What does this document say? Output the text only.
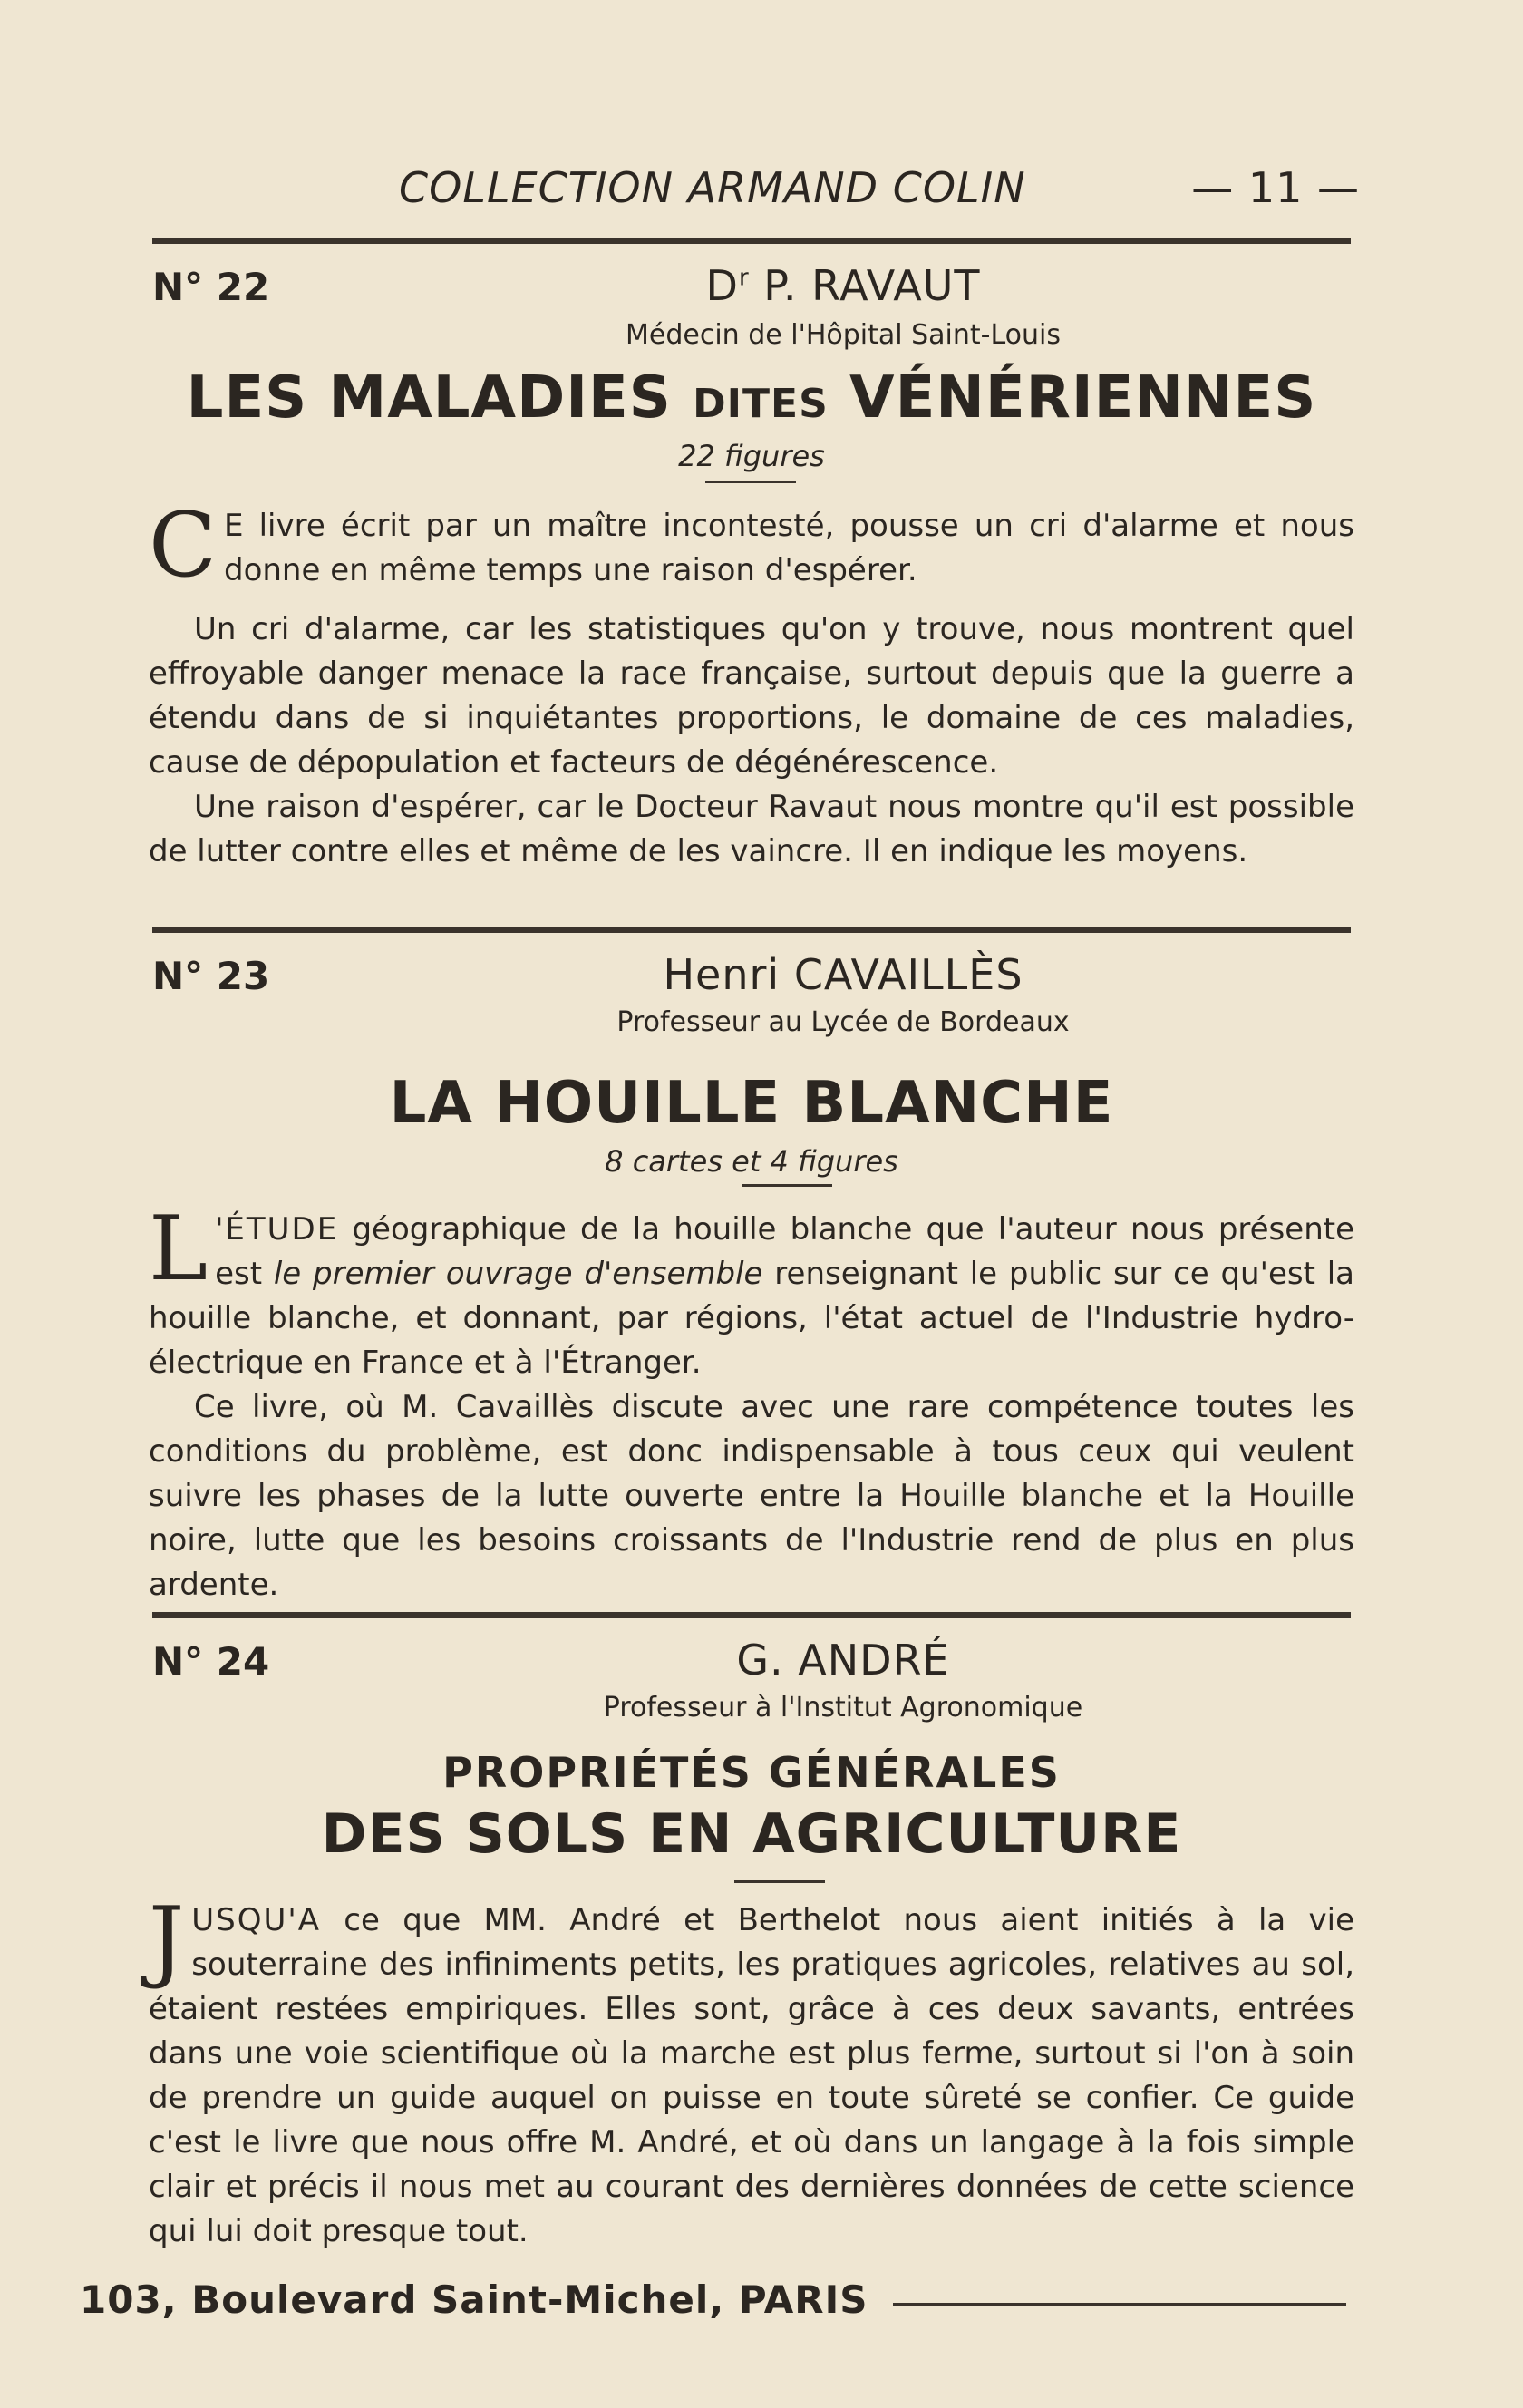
COLLECTION ARMAND COLIN	— 11 —
N° 22	$D^r$ P. RAVAUT
Médecin de l'Hôpital Saint-Louis
LES MALADIES DITES VÉNÉRIENNES
22 figures

C E livre écrit par un maître incontesté, pousse un cri d'alarme et nous donne en même temps une raison d'espérer.

Un cri d'alarme, car les statistiques qu'on y trouve, nous montrent quel effroyable danger menace la race française, surtout depuis que la guerre a étendu dans de si inquiétantes proportions, le domaine de ces maladies, cause de dépopulation et facteurs de dégénérescence.

Une raison d'espérer, car le Docteur Ravaut nous montre qu'il est possible de lutter contre elles et même de les vaincre. Il en indique les moyens.

N° 23	Henri CAVAILLÈS
Professeur au Lycée de Bordeaux
LA HOUILLE BLANCHE
8 cartes et 4 figures

L 'ÉTUDE géographique de la houille blanche que l'auteur nous présente est le premier ouvrage d'ensemble renseignant le public sur ce qu'est la houille blanche, et donnant, par régions, l'état actuel de l'Industrie hydro-électrique en France et à l'Étranger.

Ce livre, où M. Cavaillès discute avec une rare compétence toutes les conditions du problème, est donc indispensable à tous ceux qui veulent suivre les phases de la lutte ouverte entre la Houille blanche et la Houille noire, lutte que les besoins croissants de l'Industrie rend de plus en plus ardente.

N° 24	G. ANDRÉ
Professeur à l'Institut Agronomique
PROPRIÉTÉS GÉNÉRALES
DES SOLS EN AGRICULTURE

JUSQU'A ce que MM. André et Berthelot nous aient initiés à la vie souterraine des infiniments petits, les pratiques agricoles, relatives au sol, étaient restées empiriques. Elles sont, grâce à ces deux savants, entrées dans une voie scientifique où la marche est plus ferme, surtout si l'on à soin de prendre un guide auquel on puisse en toute sûreté se confier. Ce guide c'est le livre que nous offre M. André, et où dans un langage à la fois simple clair et précis il nous met au courant des dernières données de cette science qui lui doit presque tout.

103, Boulevard Saint-Michel, PARIS
